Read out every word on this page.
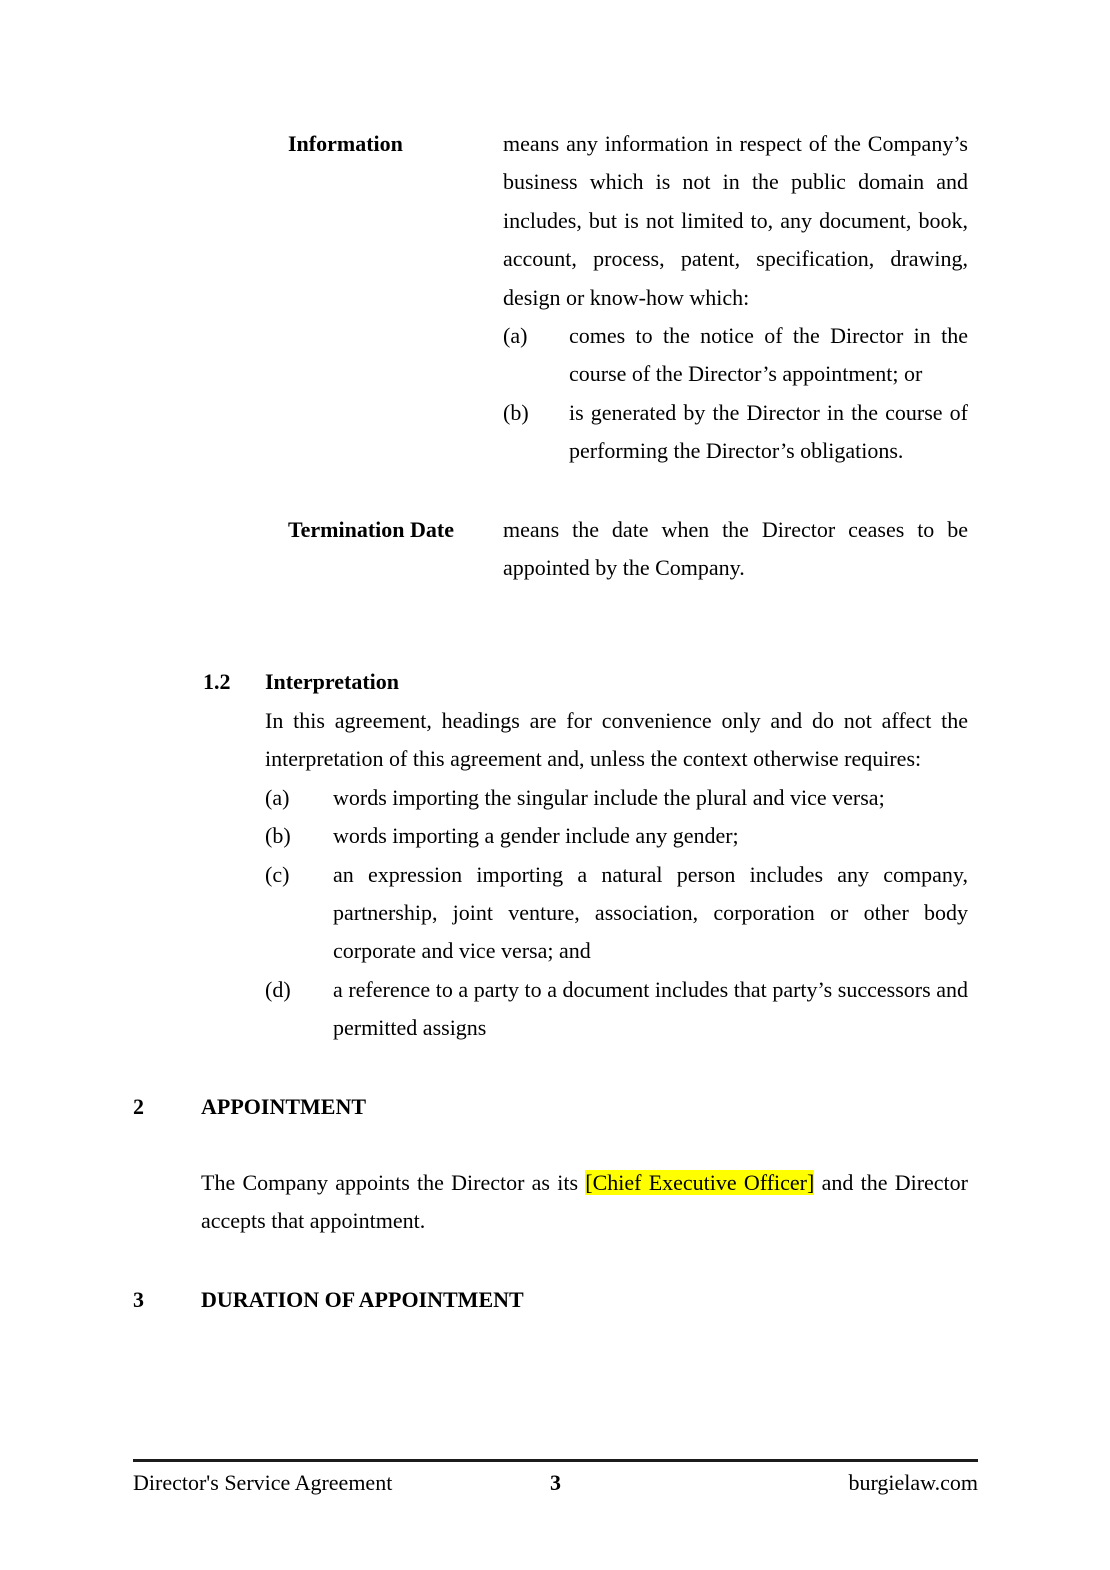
Information	means any information in respect of the Company’s business which is not in the public domain and includes, but is not limited to, any document, book, account, process, patent, specification, drawing, design or know-how which:
(a)	comes to the notice of the Director in the course of the Director’s appointment; or
(b)	is generated by the Director in the course of performing the Director’s obligations.
Termination Date	means the date when the Director ceases to be appointed by the Company.
1.2	Interpretation
In this agreement, headings are for convenience only and do not affect the interpretation of this agreement and, unless the context otherwise requires:
(a)	words importing the singular include the plural and vice versa;
(b)	words importing a gender include any gender;
(c)	an expression importing a natural person includes any company, partnership, joint venture, association, corporation or other body corporate and vice versa; and
(d)	a reference to a party to a document includes that party’s successors and permitted assigns
2	APPOINTMENT

The Company appoints the Director as its [Chief Executive Officer] and the Director accepts that appointment.

3	DURATION OF APPOINTMENT
Director's Service Agreement	3	burgielaw.com
